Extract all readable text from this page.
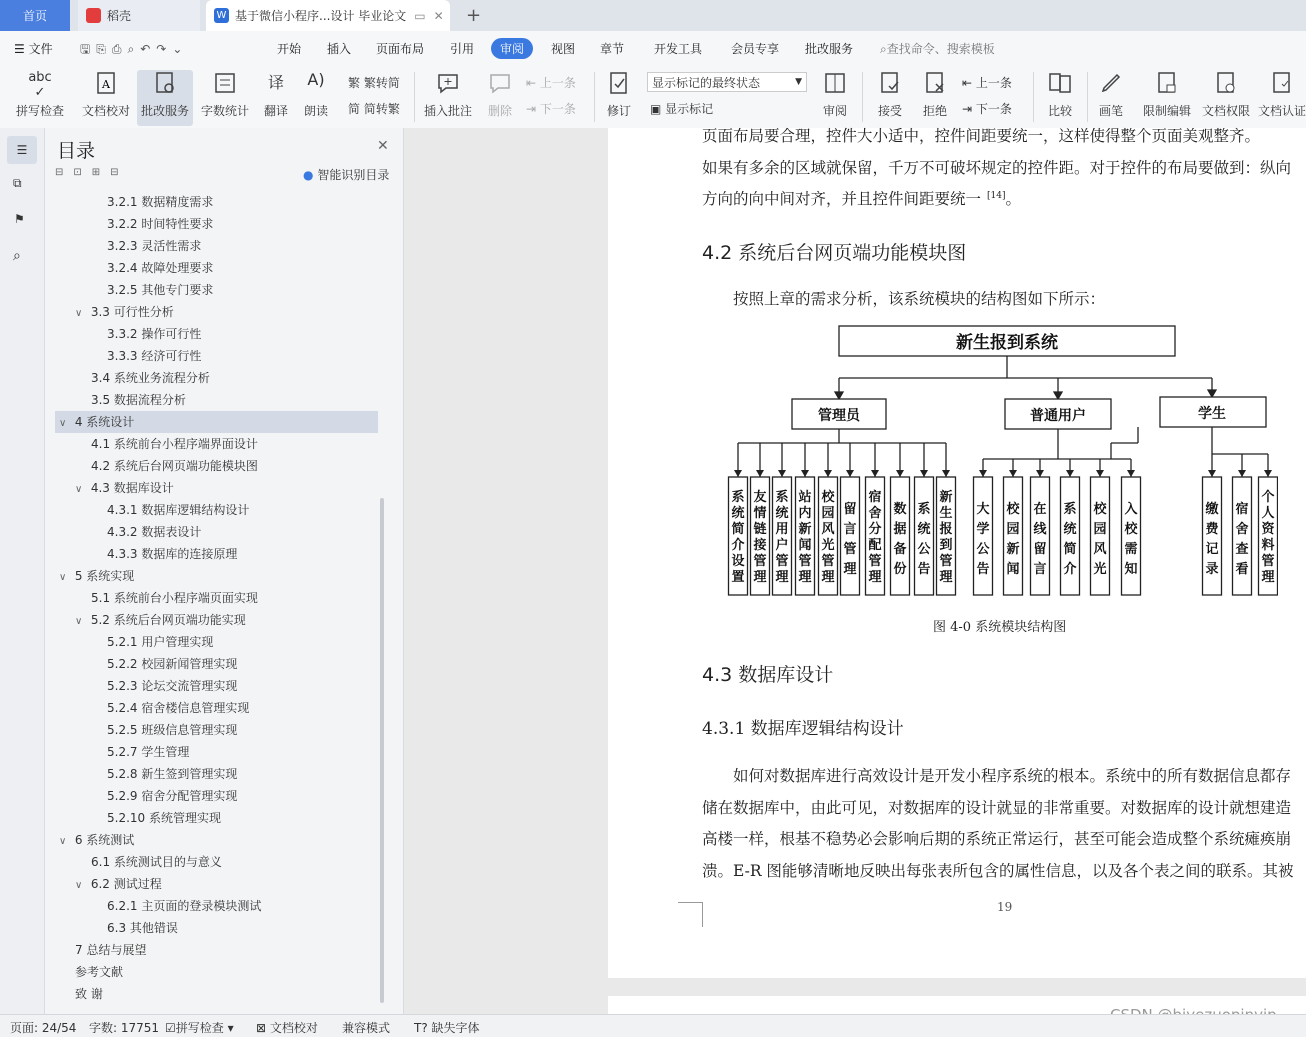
首页	稻壳	W 基于微信小程序...设计 毕业论文 ▭ ✕ +
☰ 文件 🖫⎘⎙⌕↶↷⌄	开始 插入 页面布局 引用	审阅	视图 章节 开发工具 会员专享 批改服务 ⌕查找命令、搜索模板
abc
✓
拼写检查
A
文档校对 批改服务 字数统计
译
翻译
A)
朗读
繁
繁转简
简
简转繁 插入批注 删除
⇤
上一条
⇥
下一条	修订
显示标记的最终状态	▼
▣
显示标记	审阅	接受 拒绝
⇤
上一条
⇥
下一条	比较 画笔 限制编辑 文档权限 文档认证
☰
⧉
⚑
⌕
目录	✕
⊟⊡⊞⊟	● 智能识别目录
3.2.1 数据精度需求
3.2.2 时间特性要求
3.2.3 灵活性需求
3.2.4 故障处理要求
3.2.5 其他专门要求
∨ 3.3 可行性分析
3.3.2 操作可行性
3.3.3 经济可行性
3.4 系统业务流程分析
3.5 数据流程分析
∨ 4 系统设计
4.1 系统前台小程序端界面设计
4.2 系统后台网页端功能模块图
∨ 4.3 数据库设计
4.3.1 数据库逻辑结构设计
4.3.2 数据表设计
4.3.3 数据库的连接原理
∨ 5 系统实现
5.1 系统前台小程序端页面实现
∨ 5.2 系统后台网页端功能实现
5.2.1 用户管理实现
5.2.2 校园新闻管理实现
5.2.3 论坛交流管理实现
5.2.4 宿舍楼信息管理实现
5.2.5 班级信息管理实现
5.2.7 学生管理
5.2.8 新生签到管理实现
5.2.9 宿舍分配管理实现
5.2.10 系统管理实现
∨ 6 系统测试
6.1 系统测试目的与意义
∨ 6.2 测试过程
6.2.1 主页面的登录模块测试
6.3 其他错误
7 总结与展望
参考文献
致 谢
页面布局要合理，控件大小适中，控件间距要统一，这样使得整个页面美观整齐。
如果有多余的区域就保留，千万不可破坏规定的控件距。对于控件的布局要做到：纵向
方向的向中间对齐，并且控件间距要统一 [14]。
4.2 系统后台网页端功能模块图
按照上章的需求分析，该系统模块的结构图如下所示：
新生报到系统
管理员	普通用户	学生
系
统
简
介
设
置
友
情
链
接
管
理
系
统
用
户
管
理
站
内
新
闻
管
理
校
园
风
光
管
理
留
言
管
理
宿
舍
分
配
管
理
数
据
备
份
系
统
公
告
新
生
报
到
管
理
大
学
公
告
校
园
新
闻
在
线
留
言
系
统
简
介
校
园
风
光
入
校
需
知
缴
费
记
录
宿
舍
查
看
个
人
资
料
管
理
图 4-0 系统模块结构图
4.3 数据库设计
4.3.1 数据库逻辑结构设计
如何对数据库进行高效设计是开发小程序系统的根本。系统中的所有数据信息都存
储在数据库中，由此可见，对数据库的设计就显的非常重要。对数据库的设计就想建造
高楼一样，根基不稳势必会影响后期的系统正常运行，甚至可能会造成整个系统瘫痪崩
溃。E-R 图能够清晰地反映出每张表所包含的属性信息，以及各个表之间的联系。其被
19
页面: 24/54 字数: 17751 ☑拼写检查 ▾ ⊠ 文档校对 兼容模式 T? 缺失字体
